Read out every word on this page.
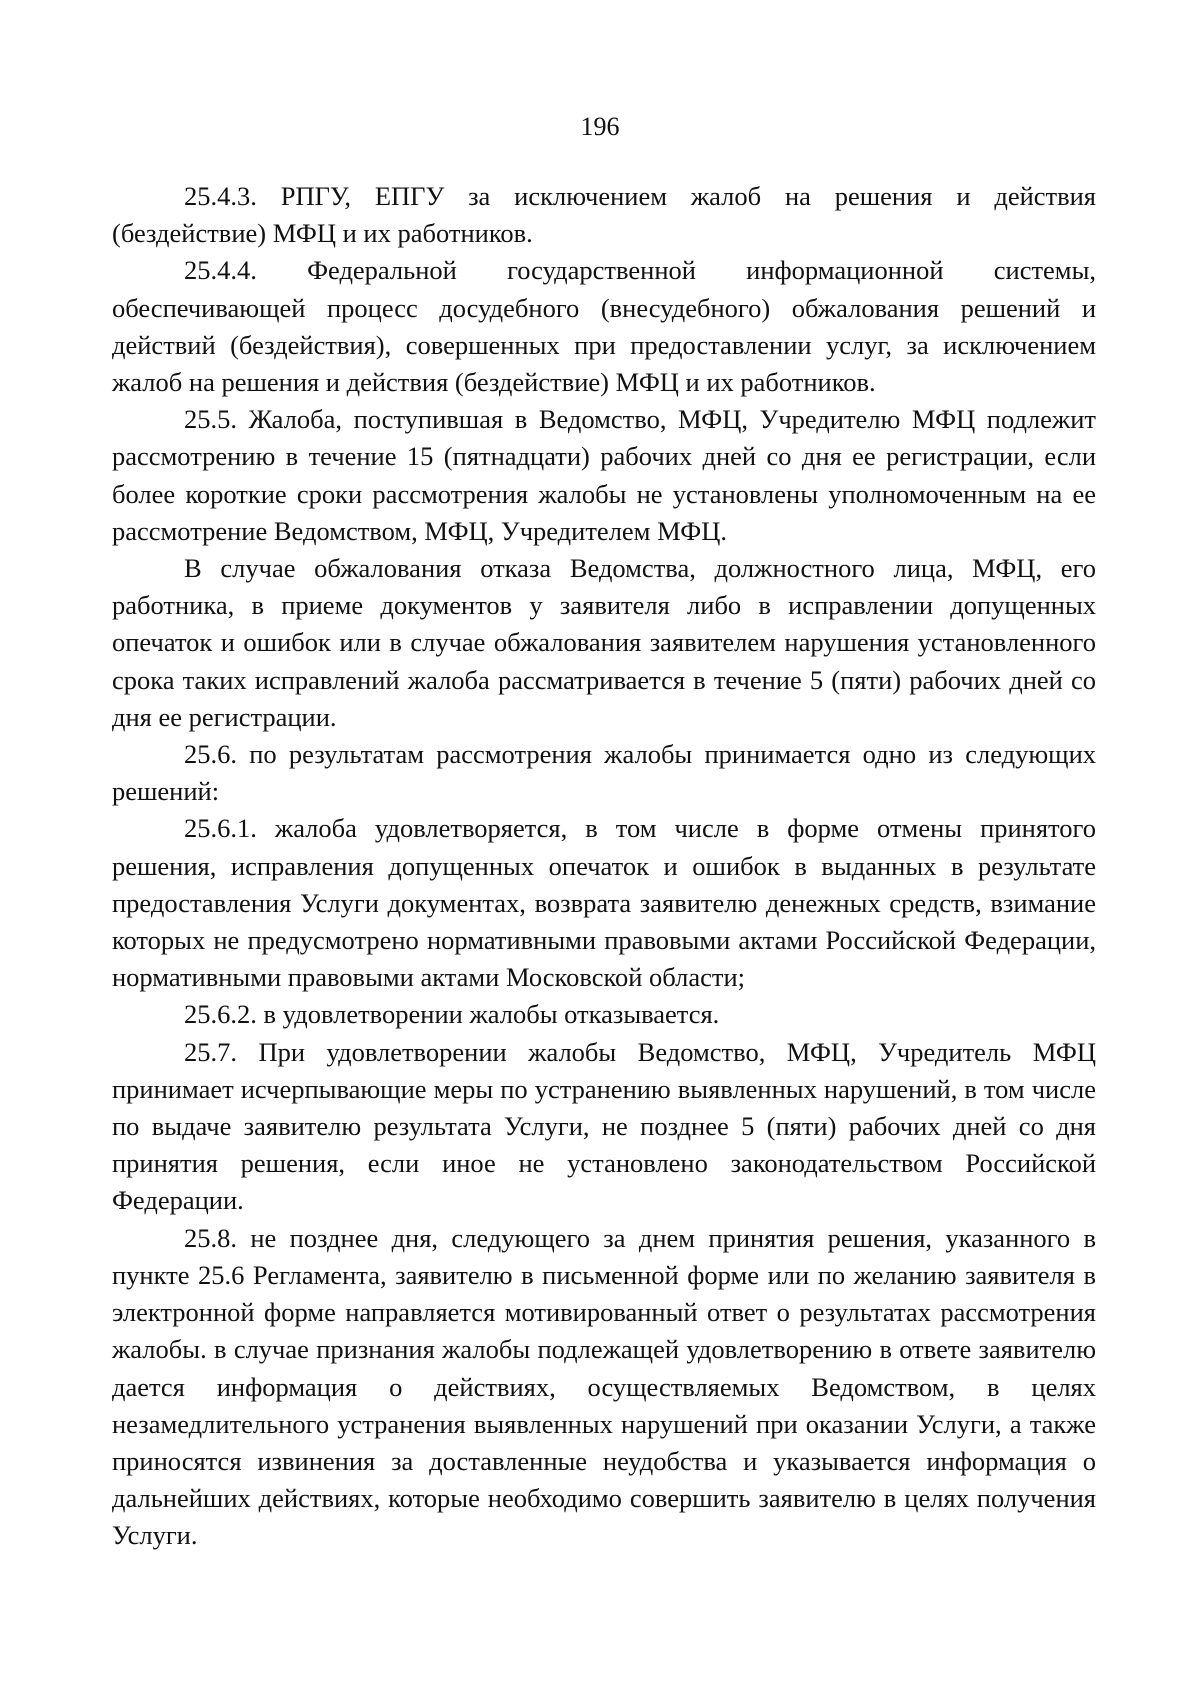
196

25.4.3. РПГУ, ЕПГУ за исключением жалоб на решения и действия (бездействие) МФЦ и их работников.

25.4.4. Федеральной государственной информационной системы, обеспечивающей процесс досудебного (внесудебного) обжалования решений и действий (бездействия), совершенных при предоставлении услуг, за исключением жалоб на решения и действия (бездействие) МФЦ и их работников.

25.5. Жалоба, поступившая в Ведомство, МФЦ, Учредителю МФЦ подлежит рассмотрению в течение 15 (пятнадцати) рабочих дней со дня ее регистрации, если более короткие сроки рассмотрения жалобы не установлены уполномоченным на ее рассмотрение Ведомством, МФЦ, Учредителем МФЦ.

В случае обжалования отказа Ведомства, должностного лица, МФЦ, его работника, в приеме документов у заявителя либо в исправлении допущенных опечаток и ошибок или в случае обжалования заявителем нарушения установленного срока таких исправлений жалоба рассматривается в течение 5 (пяти) рабочих дней со дня ее регистрации.

25.6. по результатам рассмотрения жалобы принимается одно из следующих решений:

25.6.1. жалоба удовлетворяется, в том числе в форме отмены принятого решения, исправления допущенных опечаток и ошибок в выданных в результате предоставления Услуги документах, возврата заявителю денежных средств, взимание которых не предусмотрено нормативными правовыми актами Российской Федерации, нормативными правовыми актами Московской области;

25.6.2. в удовлетворении жалобы отказывается.

25.7. При удовлетворении жалобы Ведомство, МФЦ, Учредитель МФЦ принимает исчерпывающие меры по устранению выявленных нарушений, в том числе по выдаче заявителю результата Услуги, не позднее 5 (пяти) рабочих дней со дня принятия решения, если иное не установлено законодательством Российской Федерации.

25.8. не позднее дня, следующего за днем принятия решения, указанного в пункте 25.6 Регламента, заявителю в письменной форме или по желанию заявителя в электронной форме направляется мотивированный ответ о результатах рассмотрения жалобы. в случае признания жалобы подлежащей удовлетворению в ответе заявителю дается информация о действиях, осуществляемых Ведомством, в целях незамедлительного устранения выявленных нарушений при оказании Услуги, а также приносятся извинения за доставленные неудобства и указывается информация о дальнейших действиях, которые необходимо совершить заявителю в целях получения Услуги.
